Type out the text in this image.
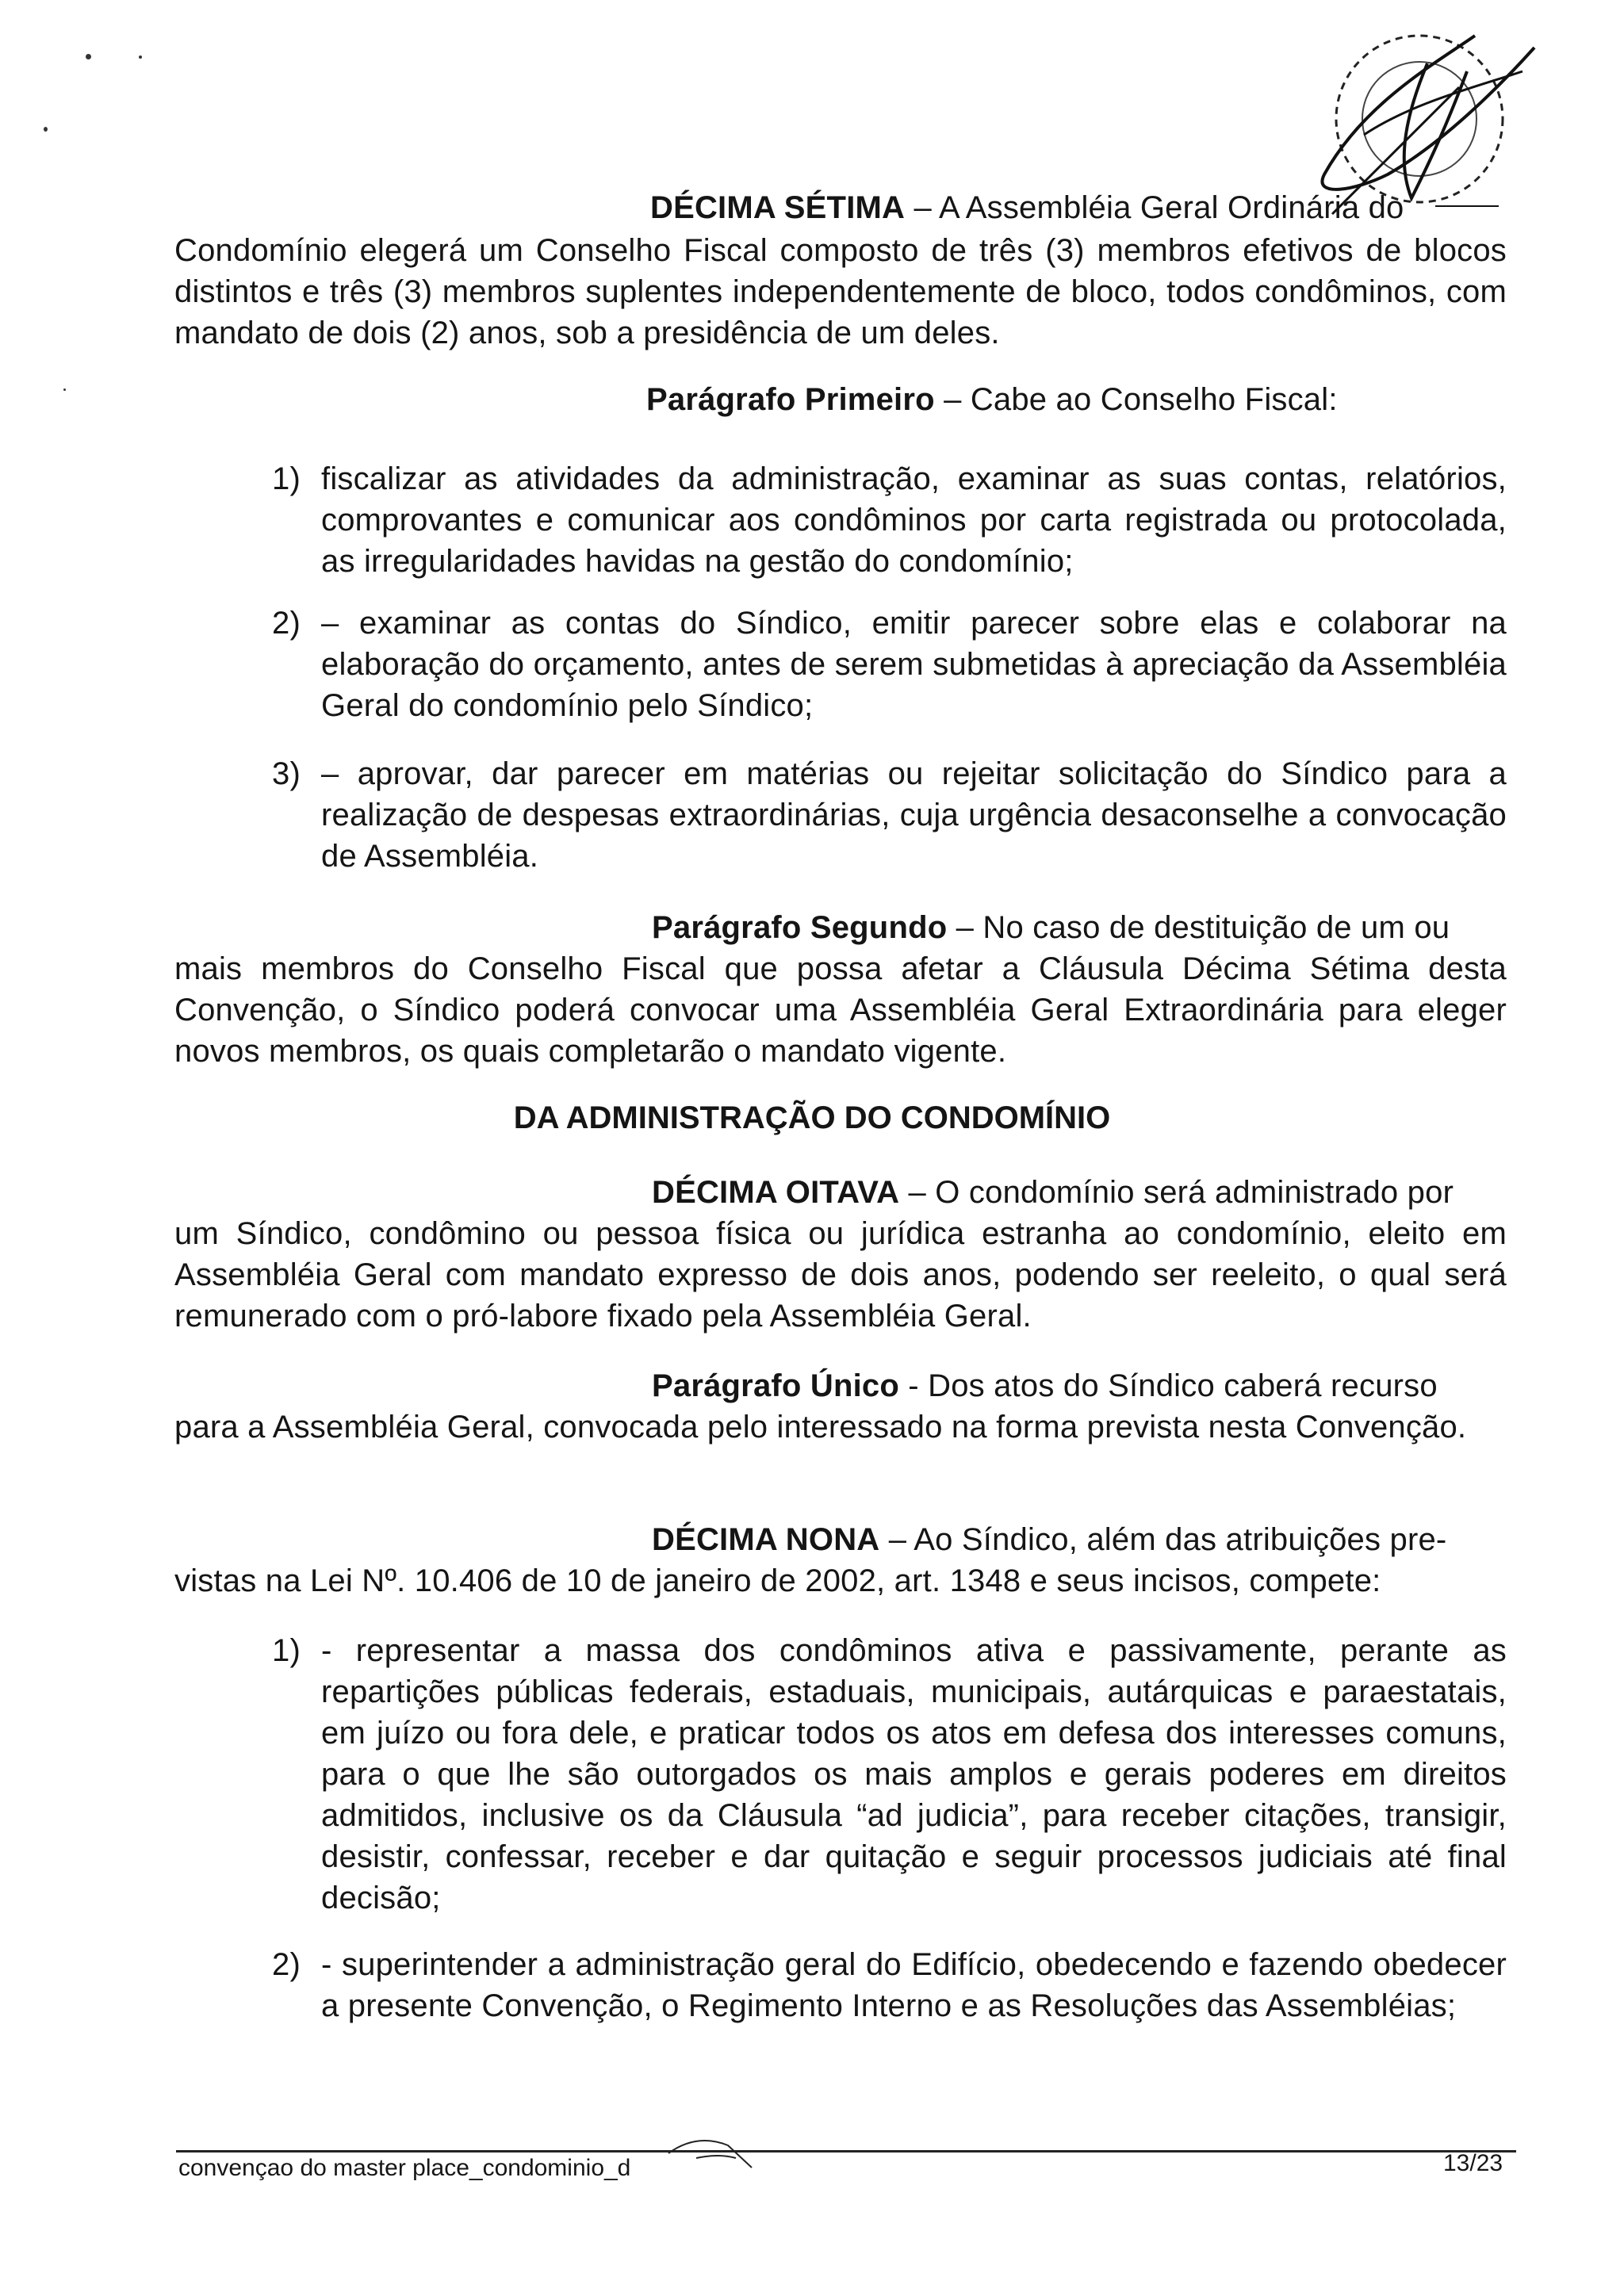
DÉCIMA SÉTIMA – A Assembléia Geral Ordinária do
Condomínio elegerá um Conselho Fiscal composto de três (3) membros efetivos de blocos distintos e três (3) membros suplentes independentemente de bloco, todos condôminos, com mandato de dois (2) anos, sob a presidência de um deles.
Parágrafo Primeiro – Cabe ao Conselho Fiscal:
1) fiscalizar as atividades da administração, examinar as suas contas, relatórios, comprovantes e comunicar aos condôminos por carta registrada ou protocolada, as irregularidades havidas na gestão do condomínio;
2) – examinar as contas do Síndico, emitir parecer sobre elas e colaborar na elaboração do orçamento, antes de serem submetidas à apreciação da Assembléia Geral do condomínio pelo Síndico;
3) – aprovar, dar parecer em matérias ou rejeitar solicitação do Síndico para a realização de despesas extraordinárias, cuja urgência desaconselhe a convocação de Assembléia.
Parágrafo Segundo – No caso de destituição de um ou
mais membros do Conselho Fiscal que possa afetar a Cláusula Décima Sétima desta Convenção, o Síndico poderá convocar uma Assembléia Geral Extraordinária para eleger novos membros, os quais completarão o mandato vigente.
DA ADMINISTRAÇÃO DO CONDOMÍNIO
DÉCIMA OITAVA – O condomínio será administrado por
um Síndico, condômino ou pessoa física ou jurídica estranha ao condomínio, eleito em Assembléia Geral com mandato expresso de dois anos, podendo ser reeleito, o qual será remunerado com o pró-labore fixado pela Assembléia Geral.
Parágrafo Único - Dos atos do Síndico caberá recurso
para a Assembléia Geral, convocada pelo interessado na forma prevista nesta Convenção.
DÉCIMA NONA – Ao Síndico, além das atribuições pre-
vistas na Lei Nº. 10.406 de 10 de janeiro de 2002, art. 1348 e seus incisos, compete:
1) - representar a massa dos condôminos ativa e passivamente, perante as repartições públicas federais, estaduais, municipais, autárquicas e paraestatais, em juízo ou fora dele, e praticar todos os atos em defesa dos interesses comuns, para o que lhe são outorgados os mais amplos e gerais poderes em direitos admitidos, inclusive os da Cláusula “ad judicia”, para receber citações, transigir, desistir, confessar, receber e dar quitação e seguir processos judiciais até final decisão;
2) - superintender a administração geral do Edifício, obedecendo e fazendo obedecer a presente Convenção, o Regimento Interno e as Resoluções das Assembléias;
convençao do master place_condominio_d	13/23
